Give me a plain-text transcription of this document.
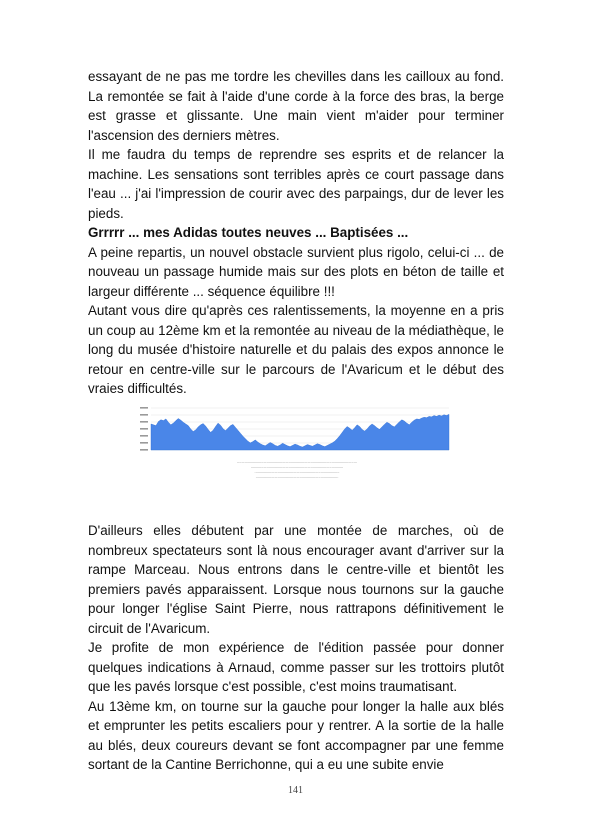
essayant de ne pas me tordre les chevilles dans les cailloux au fond. La remontée se fait à l'aide d'une corde à la force des bras, la berge est grasse et glissante. Une main vient m'aider pour terminer l'ascension des derniers mètres.

Il me faudra du temps de reprendre ses esprits et de relancer la machine. Les sensations sont terribles après ce court passage dans l'eau ... j'ai l'impression de courir avec des parpaings, dur de lever les pieds.

Grrrrr ... mes Adidas toutes neuves ... Baptisées ...

A peine repartis, un nouvel obstacle survient plus rigolo, celui-ci ... de nouveau un passage humide mais sur des plots en béton de taille et largeur différente ... séquence équilibre !!!

Autant vous dire qu'après ces ralentissements, la moyenne en a pris un coup au 12ème km et la remontée au niveau de la médiathèque, le long du musée d'histoire naturelle et du palais des expos annonce le retour en centre-ville sur le parcours de l'Avaricum et le début des vraies difficultés.

..................................................................................................................
........................................................................................
.................................................................................
...............................................................................

D'ailleurs elles débutent par une montée de marches, où de nombreux spectateurs sont là nous encourager avant d'arriver sur la rampe Marceau. Nous entrons dans le centre-ville et bientôt les premiers pavés apparaissent. Lorsque nous tournons sur la gauche pour longer l'église Saint Pierre, nous rattrapons définitivement le circuit de l'Avaricum.

Je profite de mon expérience de l'édition passée pour donner quelques indications à Arnaud, comme passer sur les trottoirs plutôt que les pavés lorsque c'est possible, c'est moins traumatisant.

Au 13ème km, on tourne sur la gauche pour longer la halle aux blés et emprunter les petits escaliers pour y rentrer. A la sortie de la halle au blés, deux coureurs devant se font accompagner par une femme sortant de la Cantine Berrichonne, qui a eu une subite envie

141
